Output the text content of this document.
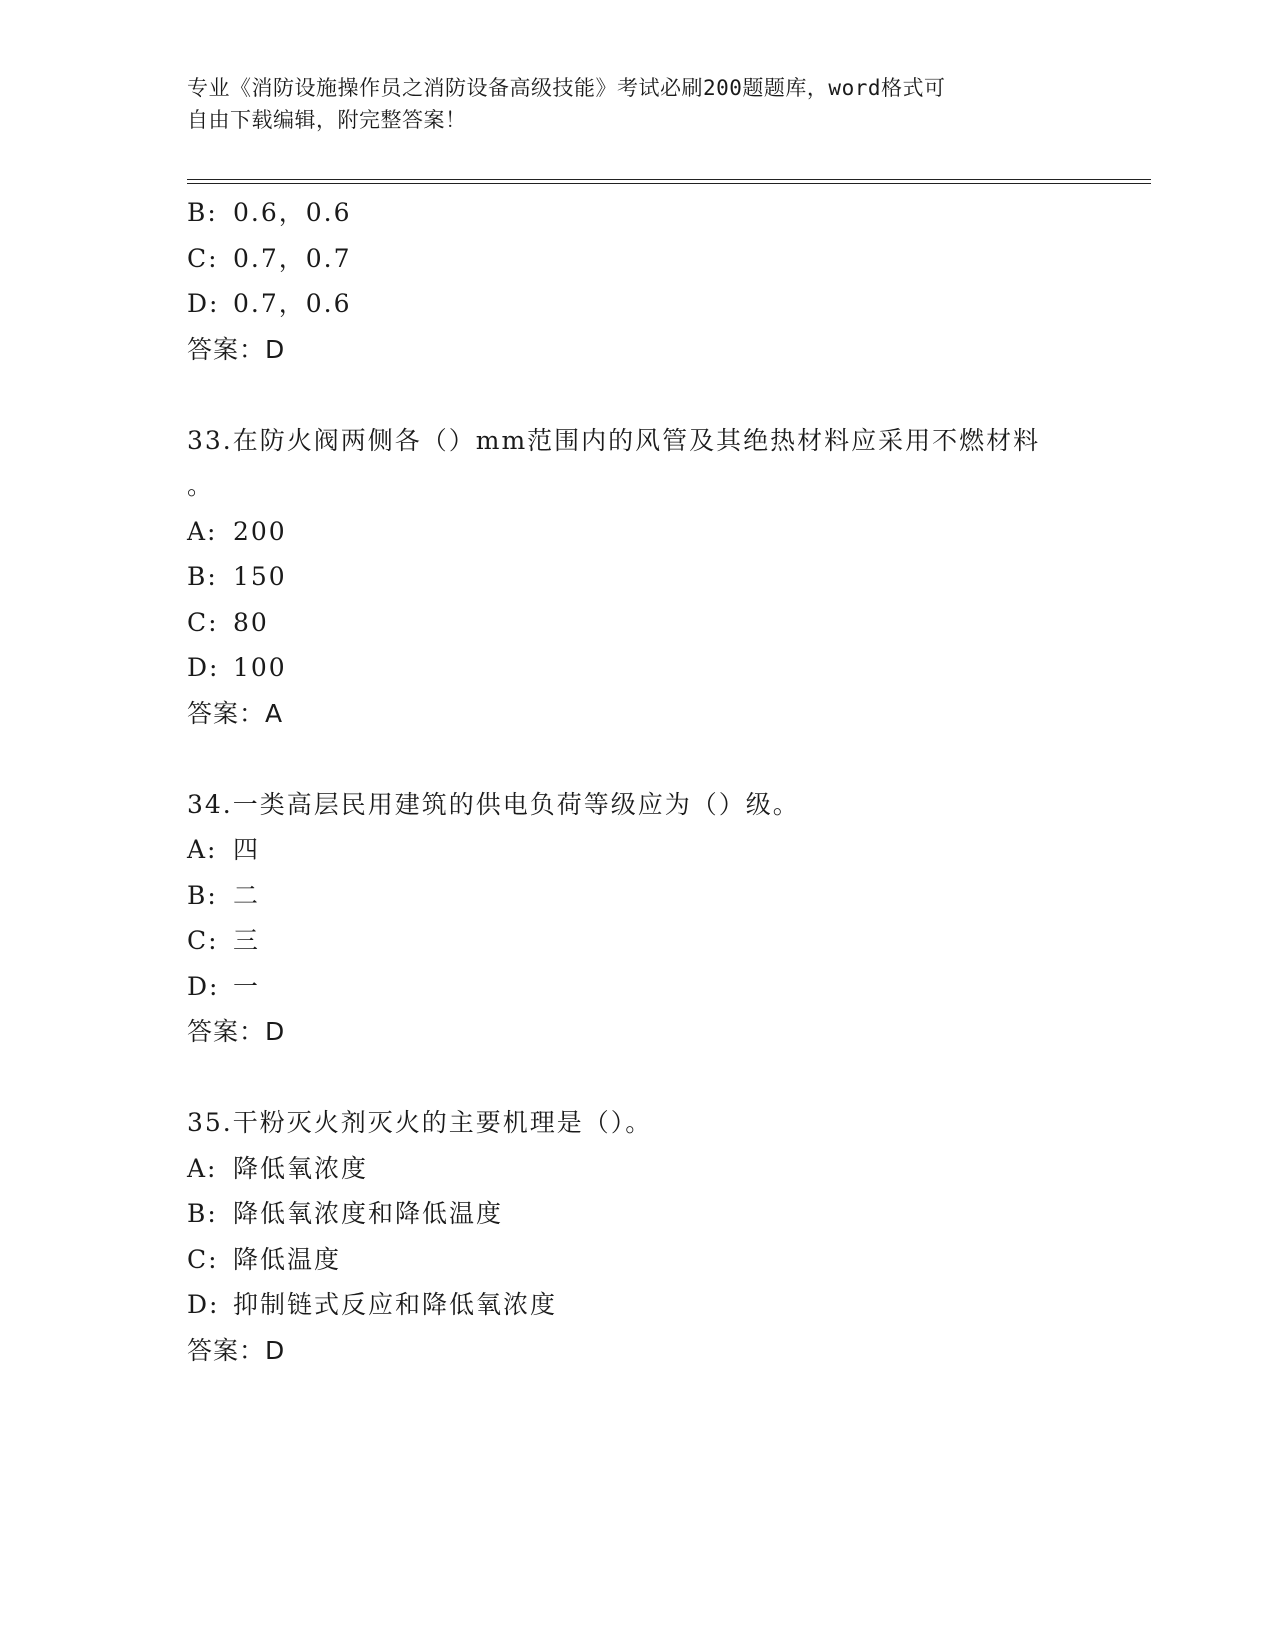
专业《消防设施操作员之消防设备高级技能》考试必刷200题题库，word格式可
自由下载编辑，附完整答案！
B: 0.6，0.6
C: 0.7，0.7
D: 0.7，0.6
答案：D
33.在防火阀两侧各（）mm范围内的风管及其绝热材料应采用不燃材料
。
A: 200
B: 150
C: 80
D: 100
答案：A
34.一类高层民用建筑的供电负荷等级应为（）级。
A: 四
B: 二
C: 三
D: 一
答案：D
35.干粉灭火剂灭火的主要机理是（）。
A: 降低氧浓度
B: 降低氧浓度和降低温度
C: 降低温度
D: 抑制链式反应和降低氧浓度
答案：D
